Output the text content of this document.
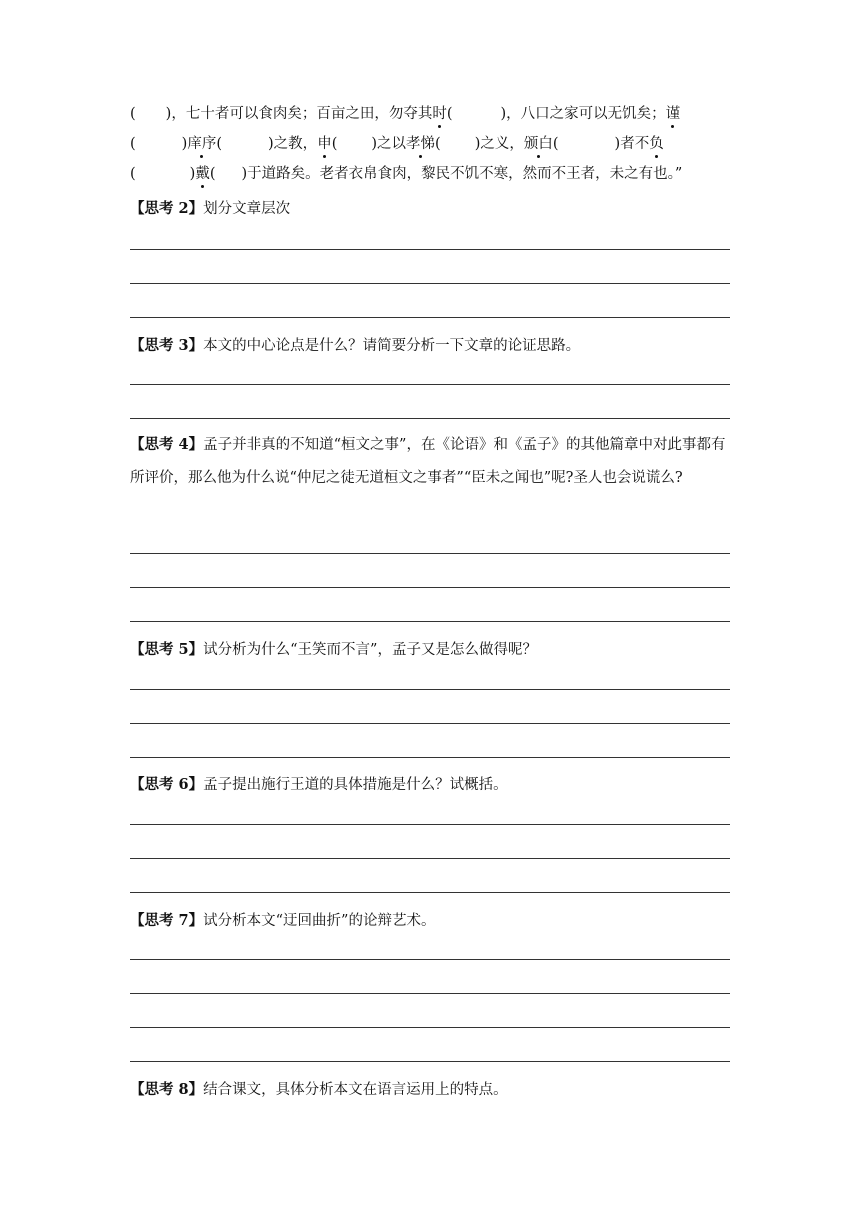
( )，七十者可以食肉矣；百亩之田，勿夺其时(	)，八口之家可以无饥矣；谨
(	)庠序(	)之教，申( )之以孝悌( )之义，颁白(	)者不负
(	)戴( )于道路矣。老者衣帛食肉，黎民不饥不寒，然而不王者，未之有也。”
【思考 2】划分文章层次
【思考 3】本文的中心论点是什么？请简要分析一下文章的论证思路。
【思考 4】孟子并非真的不知道“桓文之事”，在《论语》和《孟子》的其他篇章中对此事都有所评价，那么他为什么说“仲尼之徒无道桓文之事者”“臣未之闻也”呢?圣人也会说谎么?
【思考 5】试分析为什么“王笑而不言”，孟子又是怎么做得呢？
【思考 6】孟子提出施行王道的具体措施是什么？试概括。
【思考 7】试分析本文“迂回曲折”的论辩艺术。
【思考 8】结合课文，具体分析本文在语言运用上的特点。
